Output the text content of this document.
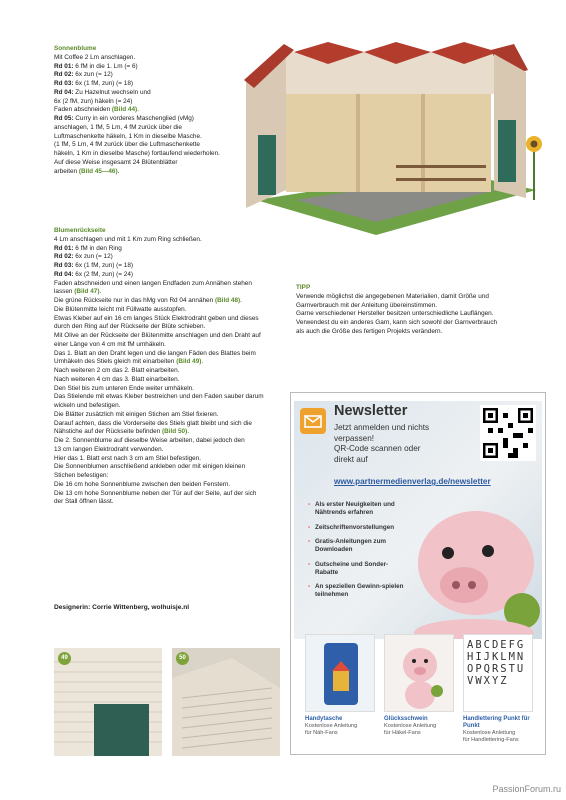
Sonnenblume

Mit Coffee 2 Lm anschlagen.

Rd 01: 6 fM in die 1. Lm (= 6)

Rd 02: 6x zun (= 12)

Rd 03: 6x (1 fM, zun) (= 18)

Rd 04: Zu Hazelnut wechseln und

6x (2 fM, zun) häkeln (= 24)

Faden abschneiden (Bild 44).

Rd 05: Curry in ein vorderes Maschenglied (vMg)

anschlagen, 1 fM, 5 Lm, 4 fM zurück über die

Luftmaschenkette häkeln, 1 Km in dieselbe Masche.

(1 fM, 5 Lm, 4 fM zurück über die Luftmaschenkette

häkeln, 1 Km in dieselbe Masche) fortlaufend wiederholen.

Auf diese Weise insgesamt 24 Blütenblätter

arbeiten (Bild 45—46).

Blumenrückseite

4 Lm anschlagen und mit 1 Km zum Ring schließen.

Rd 01: 6 fM in den Ring

Rd 02: 6x zun (= 12)

Rd 03: 6x (1 fM, zun) (= 18)

Rd 04: 6x (2 fM, zun) (= 24)

Faden abschneiden und einen langen Endfaden zum Annähen stehen

lassen (Bild 47).

Die grüne Rückseite nur in das hMg von Rd 04 annähen (Bild 48).

Die Blütenmitte leicht mit Füllwatte ausstopfen.

Etwas Kleber auf ein 16 cm langes Stück Elektrodraht geben und dieses

durch den Ring auf der Rückseite der Blüte schieben.

Mit Olive an der Rückseite der Blütenmitte anschlagen und den Draht auf

einer Länge von 4 cm mit fM umhäkeln.

Das 1. Blatt an den Draht legen und die langen Fäden des Blattes beim

Umhäkeln des Stiels gleich mit einarbeiten (Bild 49).

Nach weiteren 2 cm das 2. Blatt einarbeiten.

Nach weiteren 4 cm das 3. Blatt einarbeiten.

Den Stiel bis zum unteren Ende weiter umhäkeln.

Das Stielende mit etwas Kleber bestreichen und den Faden sauber darum

wickeln und befestigen.

Die Blätter zusätzlich mit einigen Stichen am Stiel fixieren.

Darauf achten, dass die Vorderseite des Stiels glatt bleibt und sich die

Nähstiche auf der Rückseite befinden (Bild 50).

Die 2. Sonnenblume auf dieselbe Weise arbeiten, dabei jedoch den

13 cm langen Elektrodraht verwenden.

Hier das 1. Blatt erst nach 3 cm am Stiel befestigen.

Die Sonnenblumen anschließend ankleben oder mit einigen kleinen

Stichen befestigen:

Die 16 cm hohe Sonnenblume zwischen den beiden Fenstern.

Die 13 cm hohe Sonnenblume neben der Tür auf der Seite, auf der sich

der Stall öffnen lässt.

Designerin: Corrie Wittenberg, wolhuisje.nl

TIPP

Verwende möglichst die angegebenen Materialien, damit Größe und

Garnverbrauch mit der Anleitung übereinstimmen.

Garne verschiedener Hersteller besitzen unterschiedliche Lauflängen.

Verwendest du ein anderes Garn, kann sich sowohl der Garnverbrauch

als auch die Größe des fertigen Projekts verändern.

49	50
Newsletter
Jetzt anmelden und nichts
verpassen!
QR-Code scannen oder
direkt auf
www.partnermedienverlag.de/newsletter
• Als erster Neuigkeiten und Nähtrends erfahren
• Zeitschriftenvorstellungen
• Gratis-Anleitungen zum Downloaden
• Gutscheine und Sonder-Rabatte
• An speziellen Gewinn-spielen teilnehmen
Handytasche
Kostenlose Anleitung
für Näh-Fans
Glücksschwein
Kostenlose Anleitung
für Häkel-Fans
ABCDEFGHIJKLMNOPQRSTUVWXYZ
Handlettering Punkt für Punkt
Kostenlose Anleitung
für Handlettering-Fans
PassionForum.ru
